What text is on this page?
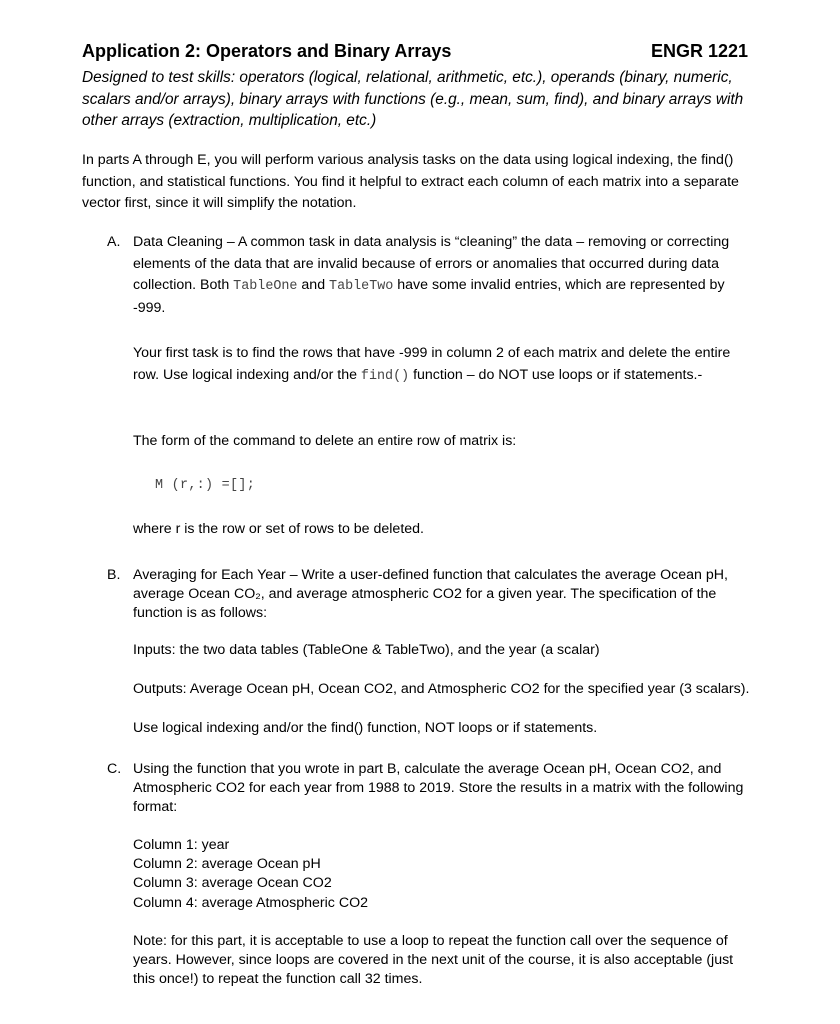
Application 2: Operators and Binary Arrays	ENGR 1221
Designed to test skills: operators (logical, relational, arithmetic, etc.), operands (binary, numeric, scalars and/or arrays), binary arrays with functions (e.g., mean, sum, find), and binary arrays with other arrays (extraction, multiplication, etc.)
In parts A through E, you will perform various analysis tasks on the data using logical indexing, the find() function, and statistical functions. You find it helpful to extract each column of each matrix into a separate vector first, since it will simplify the notation.
A. Data Cleaning – A common task in data analysis is “cleaning” the data – removing or correcting elements of the data that are invalid because of errors or anomalies that occurred during data collection. Both TableOne and TableTwo have some invalid entries, which are represented by -999.
Your first task is to find the rows that have -999 in column 2 of each matrix and delete the entire row. Use logical indexing and/or the find() function – do NOT use loops or if statements.-
The form of the command to delete an entire row of matrix is:
M (r,:) =[];
where r is the row or set of rows to be deleted.
B. Averaging for Each Year – Write a user-defined function that calculates the average Ocean pH, average Ocean CO₂, and average atmospheric CO2 for a given year. The specification of the function is as follows:
Inputs: the two data tables (TableOne & TableTwo), and the year (a scalar)
Outputs: Average Ocean pH, Ocean CO2, and Atmospheric CO2 for the specified year (3 scalars).
Use logical indexing and/or the find() function, NOT loops or if statements.
C. Using the function that you wrote in part B, calculate the average Ocean pH, Ocean CO2, and Atmospheric CO2 for each year from 1988 to 2019. Store the results in a matrix with the following format:
Column 1: year
Column 2: average Ocean pH
Column 3: average Ocean CO2
Column 4: average Atmospheric CO2
Note: for this part, it is acceptable to use a loop to repeat the function call over the sequence of years. However, since loops are covered in the next unit of the course, it is also acceptable (just this once!) to repeat the function call 32 times.
